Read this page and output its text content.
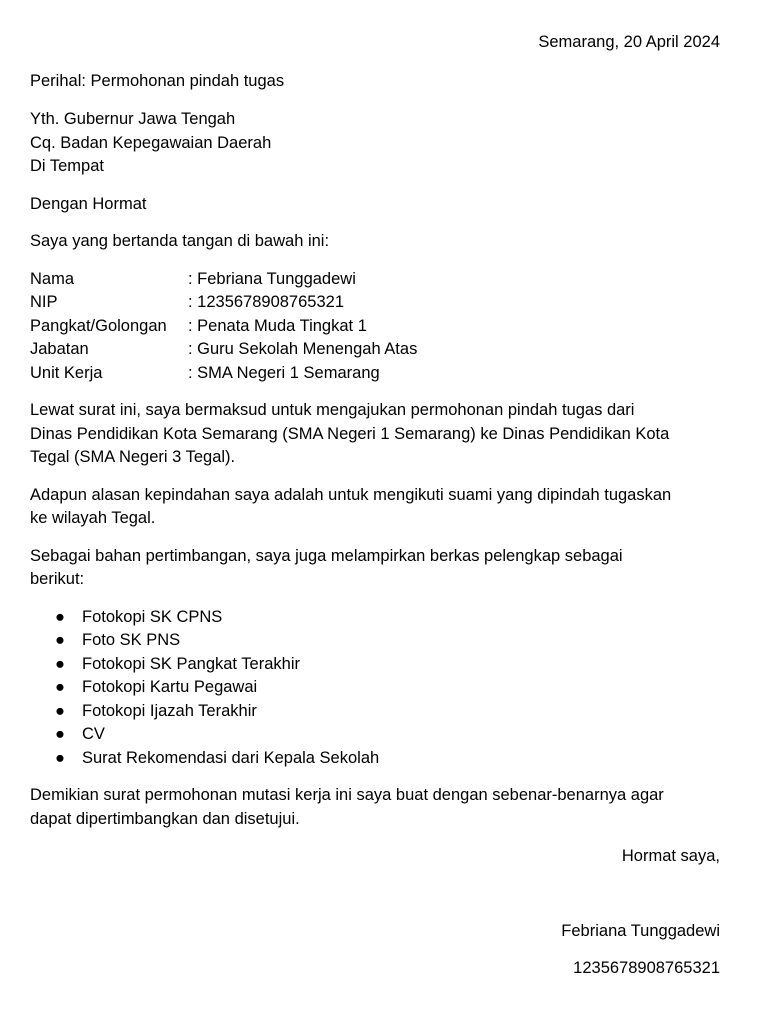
Semarang, 20 April 2024

Perihal: Permohonan pindah tugas

Yth. Gubernur Jawa Tengah
Cq. Badan Kepegawaian Daerah
Di Tempat

Dengan Hormat

Saya yang bertanda tangan di bawah ini:

Nama	: Febriana Tunggadewi
NIP	: 1235678908765321
Pangkat/Golongan	: Penata Muda Tingkat 1
Jabatan	: Guru Sekolah Menengah Atas
Unit Kerja	: SMA Negeri 1 Semarang
Lewat surat ini, saya bermaksud untuk mengajukan permohonan pindah tugas dari
Dinas Pendidikan Kota Semarang (SMA Negeri 1 Semarang) ke Dinas Pendidikan Kota
Tegal (SMA Negeri 3 Tegal).
Adapun alasan kepindahan saya adalah untuk mengikuti suami yang dipindah tugaskan
ke wilayah Tegal.
Sebagai bahan pertimbangan, saya juga melampirkan berkas pelengkap sebagai
berikut:
● Fotokopi SK CPNS
● Foto SK PNS
● Fotokopi SK Pangkat Terakhir
● Fotokopi Kartu Pegawai
● Fotokopi Ijazah Terakhir
● CV
● Surat Rekomendasi dari Kepala Sekolah
Demikian surat permohonan mutasi kerja ini saya buat dengan sebenar-benarnya agar
dapat dipertimbangkan dan disetujui.

Hormat saya,

Febriana Tunggadewi

1235678908765321
